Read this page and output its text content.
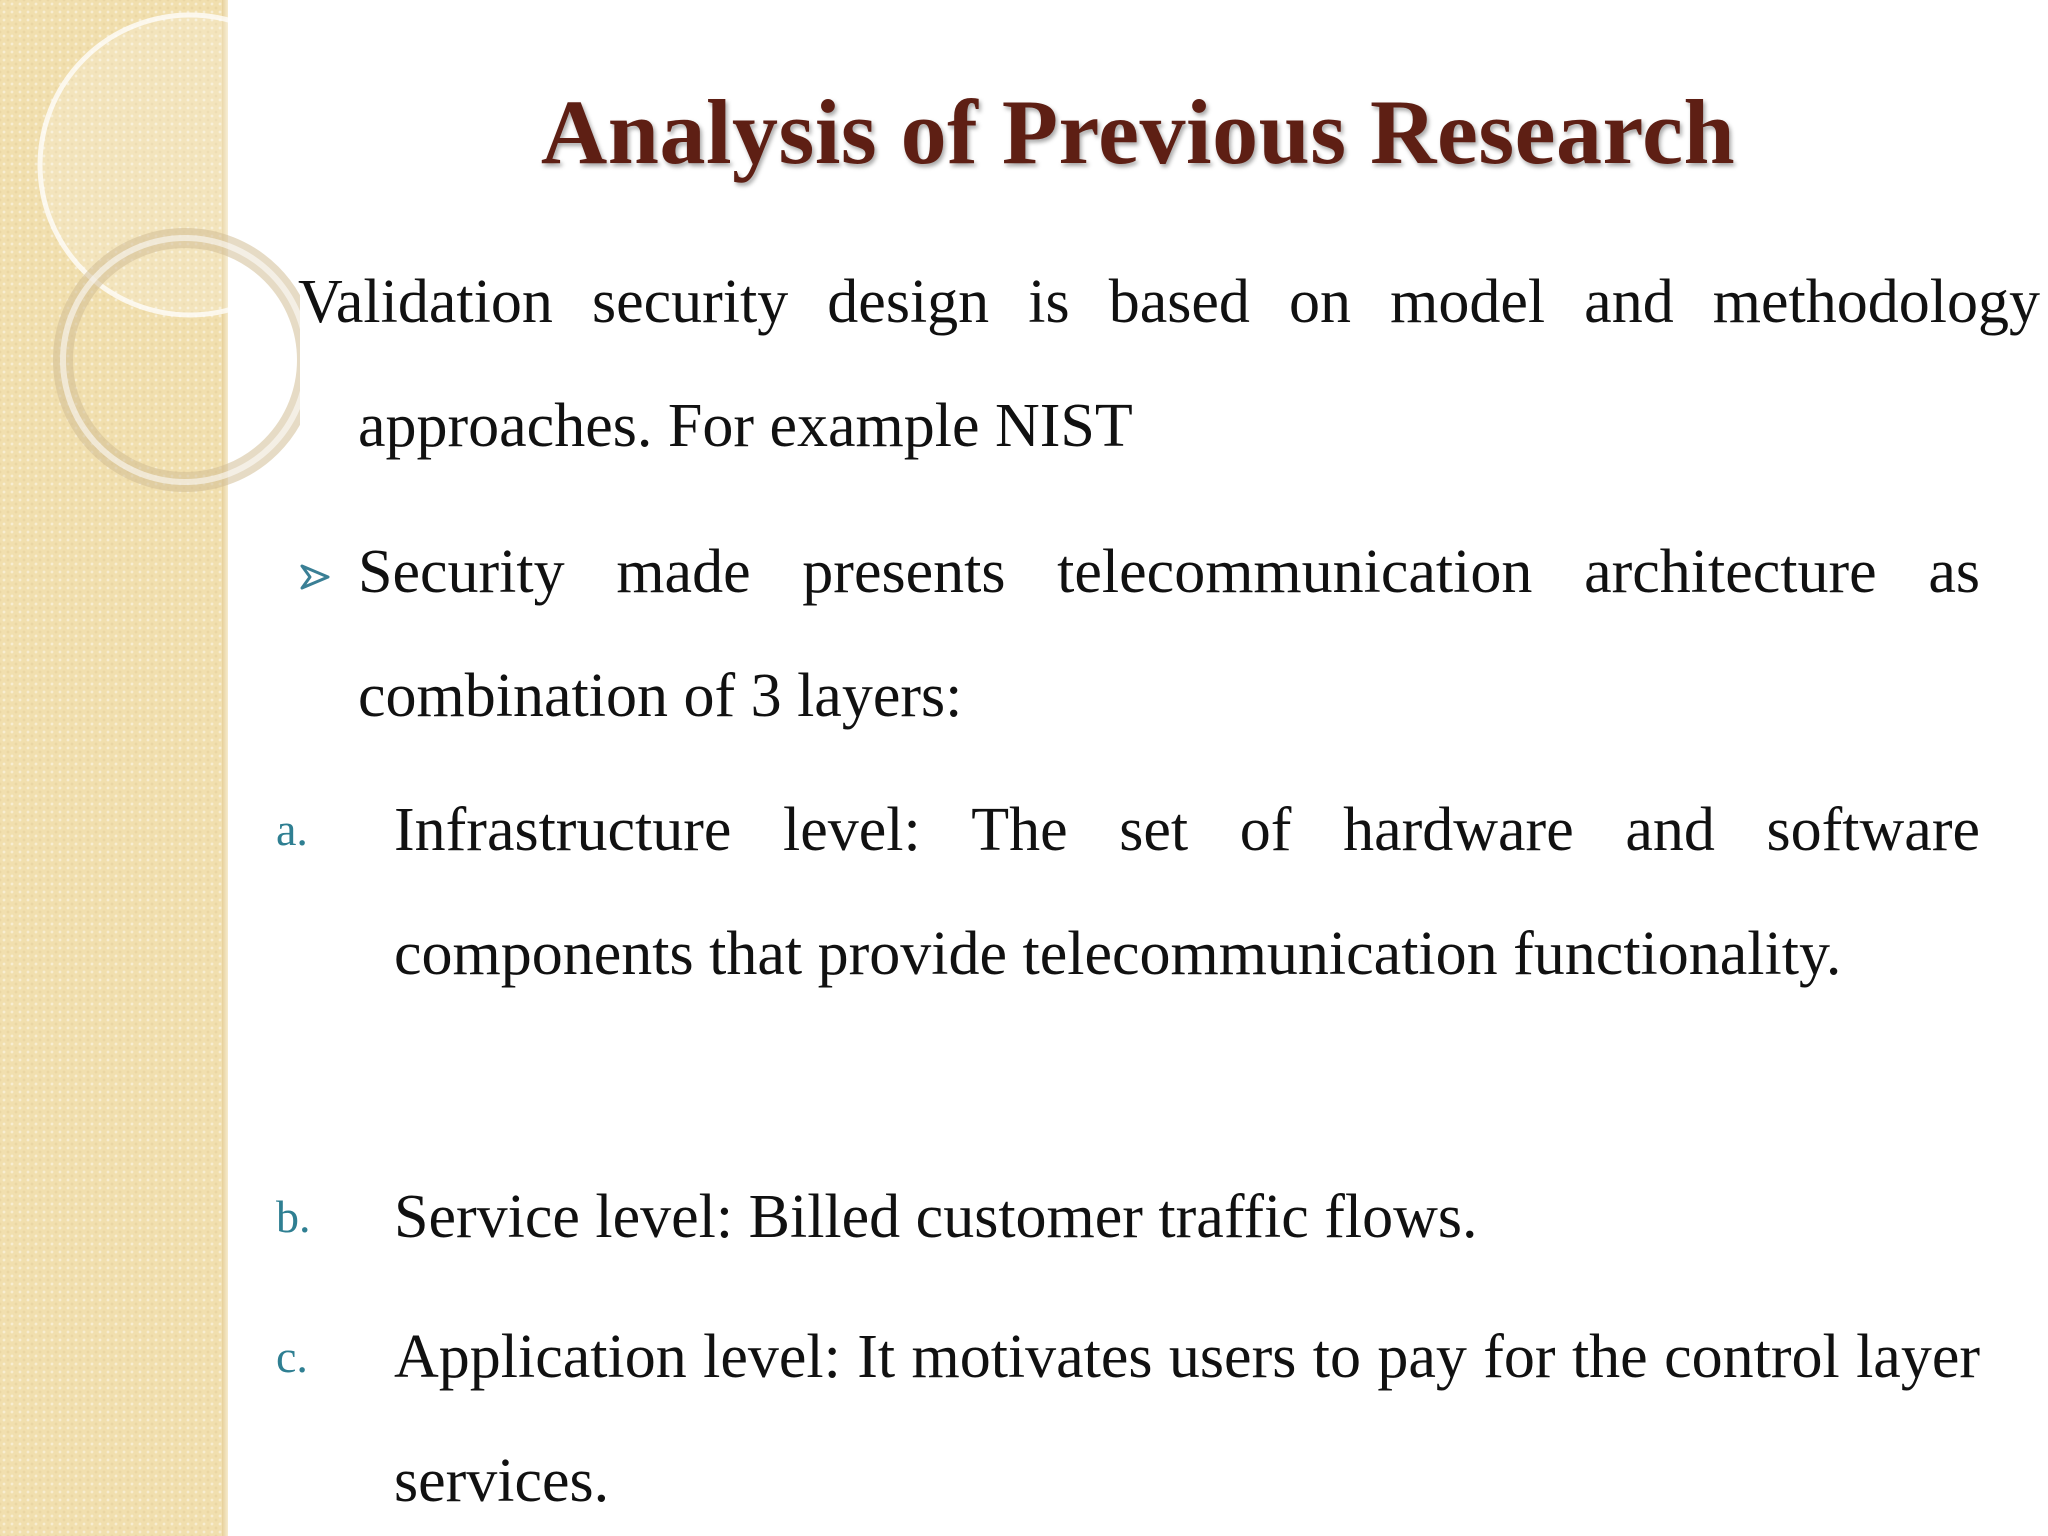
Analysis of Previous Research
Validation security design is based on model and methodology approaches. For example NIST
Security made presents telecommunication architecture as combination of 3 layers:
a. Infrastructure level: The set of hardware and software components that provide telecommunication functionality.
b. Service level: Billed customer traffic flows.
c. Application level: It motivates users to pay for the control layer services.
